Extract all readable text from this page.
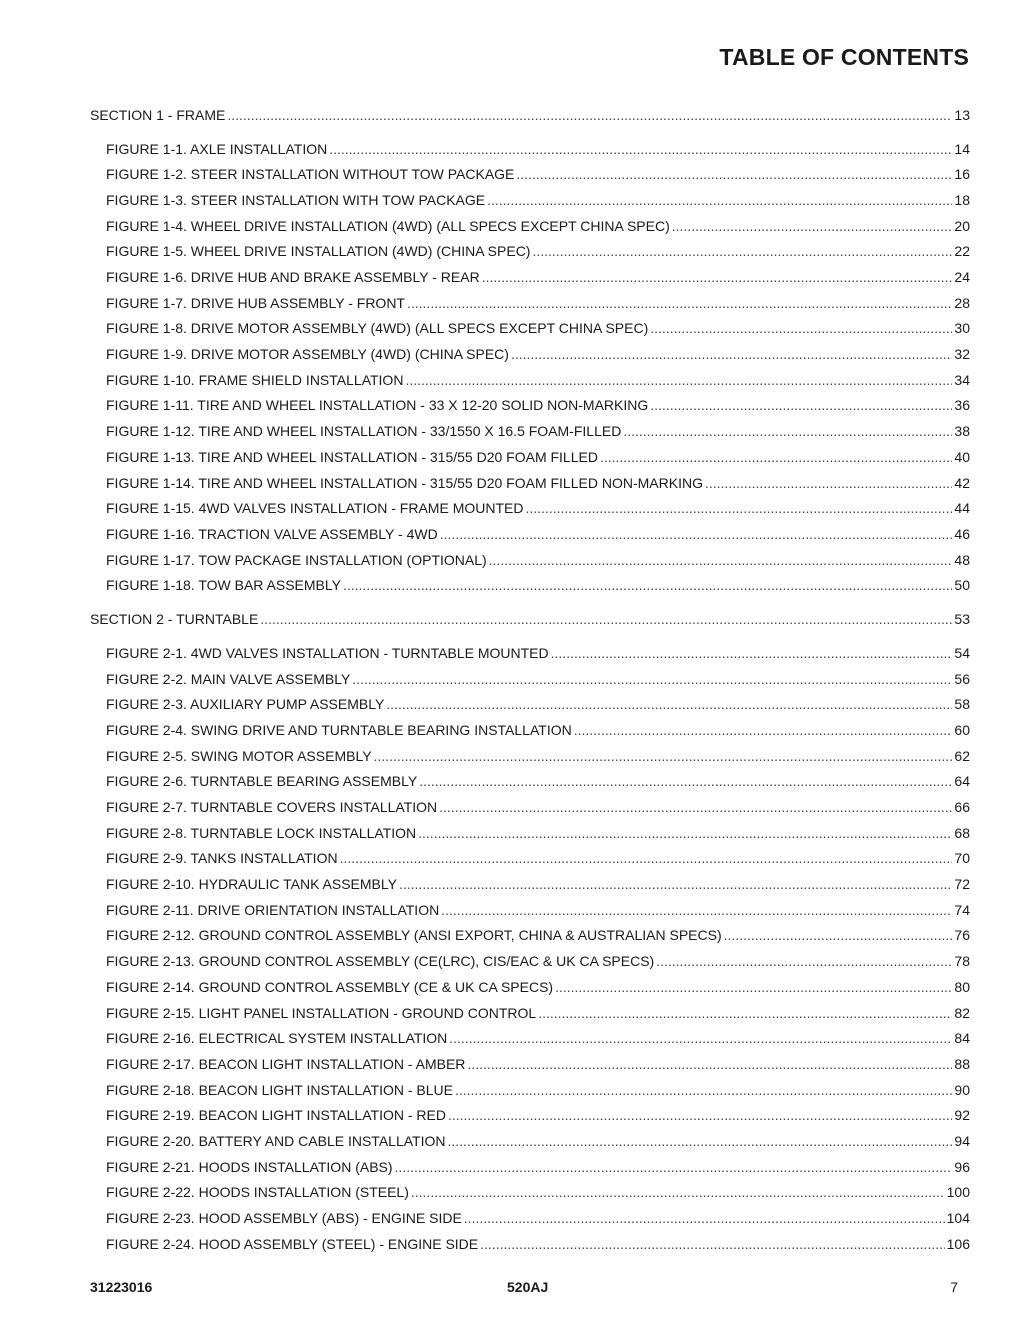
TABLE OF CONTENTS
SECTION 1 - FRAME .....	13
FIGURE 1-1. AXLE INSTALLATION .....	14
FIGURE 1-2. STEER INSTALLATION WITHOUT TOW PACKAGE .....	16
FIGURE 1-3. STEER INSTALLATION WITH TOW PACKAGE .....	18
FIGURE 1-4. WHEEL DRIVE INSTALLATION (4WD) (ALL SPECS EXCEPT CHINA SPEC) .....	20
FIGURE 1-5. WHEEL DRIVE INSTALLATION (4WD) (CHINA SPEC) .....	22
FIGURE 1-6. DRIVE HUB AND BRAKE ASSEMBLY - REAR .....	24
FIGURE 1-7. DRIVE HUB ASSEMBLY - FRONT .....	28
FIGURE 1-8. DRIVE MOTOR ASSEMBLY (4WD) (ALL SPECS EXCEPT CHINA SPEC) .....	30
FIGURE 1-9. DRIVE MOTOR ASSEMBLY (4WD) (CHINA SPEC) .....	32
FIGURE 1-10. FRAME SHIELD INSTALLATION .....	34
FIGURE 1-11. TIRE AND WHEEL INSTALLATION - 33 X 12-20 SOLID NON-MARKING .....	36
FIGURE 1-12. TIRE AND WHEEL INSTALLATION - 33/1550 X 16.5 FOAM-FILLED .....	38
FIGURE 1-13. TIRE AND WHEEL INSTALLATION - 315/55 D20 FOAM FILLED .....	40
FIGURE 1-14. TIRE AND WHEEL INSTALLATION - 315/55 D20 FOAM FILLED NON-MARKING .....	42
FIGURE 1-15. 4WD VALVES INSTALLATION - FRAME MOUNTED .....	44
FIGURE 1-16. TRACTION VALVE ASSEMBLY - 4WD .....	46
FIGURE 1-17. TOW PACKAGE INSTALLATION (OPTIONAL) .....	48
FIGURE 1-18. TOW BAR ASSEMBLY .....	50
SECTION 2 - TURNTABLE .....	53
FIGURE 2-1. 4WD VALVES INSTALLATION - TURNTABLE MOUNTED .....	54
FIGURE 2-2. MAIN VALVE ASSEMBLY .....	56
FIGURE 2-3. AUXILIARY PUMP ASSEMBLY .....	58
FIGURE 2-4. SWING DRIVE AND TURNTABLE BEARING INSTALLATION .....	60
FIGURE 2-5. SWING MOTOR ASSEMBLY .....	62
FIGURE 2-6. TURNTABLE BEARING ASSEMBLY .....	64
FIGURE 2-7. TURNTABLE COVERS INSTALLATION .....	66
FIGURE 2-8. TURNTABLE LOCK INSTALLATION .....	68
FIGURE 2-9. TANKS INSTALLATION .....	70
FIGURE 2-10. HYDRAULIC TANK ASSEMBLY .....	72
FIGURE 2-11. DRIVE ORIENTATION INSTALLATION .....	74
FIGURE 2-12. GROUND CONTROL ASSEMBLY (ANSI EXPORT, CHINA & AUSTRALIAN SPECS) .....	76
FIGURE 2-13. GROUND CONTROL ASSEMBLY (CE(LRC), CIS/EAC & UK CA SPECS) .....	78
FIGURE 2-14. GROUND CONTROL ASSEMBLY (CE & UK CA SPECS) .....	80
FIGURE 2-15. LIGHT PANEL INSTALLATION - GROUND CONTROL .....	82
FIGURE 2-16. ELECTRICAL SYSTEM INSTALLATION .....	84
FIGURE 2-17. BEACON LIGHT INSTALLATION - AMBER .....	88
FIGURE 2-18. BEACON LIGHT INSTALLATION - BLUE .....	90
FIGURE 2-19. BEACON LIGHT INSTALLATION - RED .....	92
FIGURE 2-20. BATTERY AND CABLE INSTALLATION .....	94
FIGURE 2-21. HOODS INSTALLATION (ABS) .....	96
FIGURE 2-22. HOODS INSTALLATION (STEEL) .....	100
FIGURE 2-23. HOOD ASSEMBLY (ABS) - ENGINE SIDE .....	104
FIGURE 2-24. HOOD ASSEMBLY (STEEL) - ENGINE SIDE .....	106
31223016	520AJ	7
